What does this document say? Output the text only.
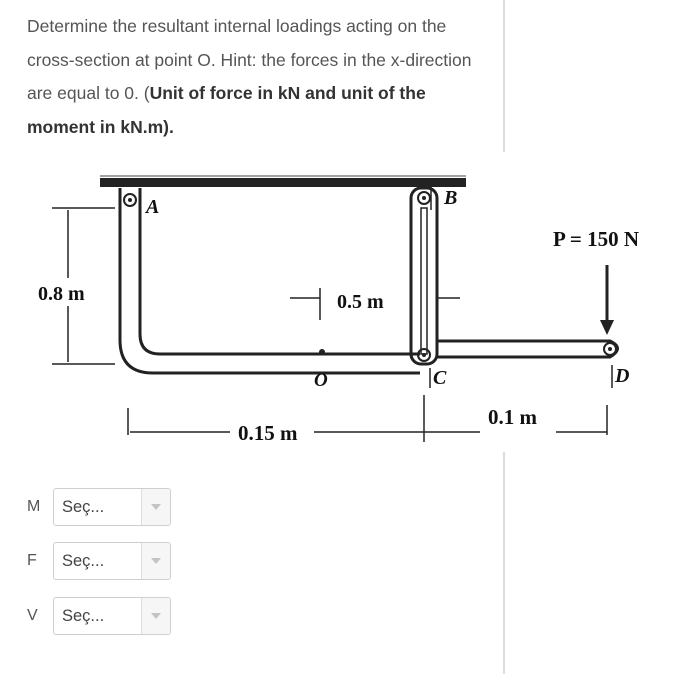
Determine the resultant internal loadings acting on the cross-section at point O. Hint: the forces in the x-direction are equal to 0. (Unit of force in kN and unit of the moment in kN.m).
P = 150 N
O
A	B
C	D
0.8 m	0.5 m
0.15 m
0.1 m
M	Seç...
F	Seç...
V	Seç...
